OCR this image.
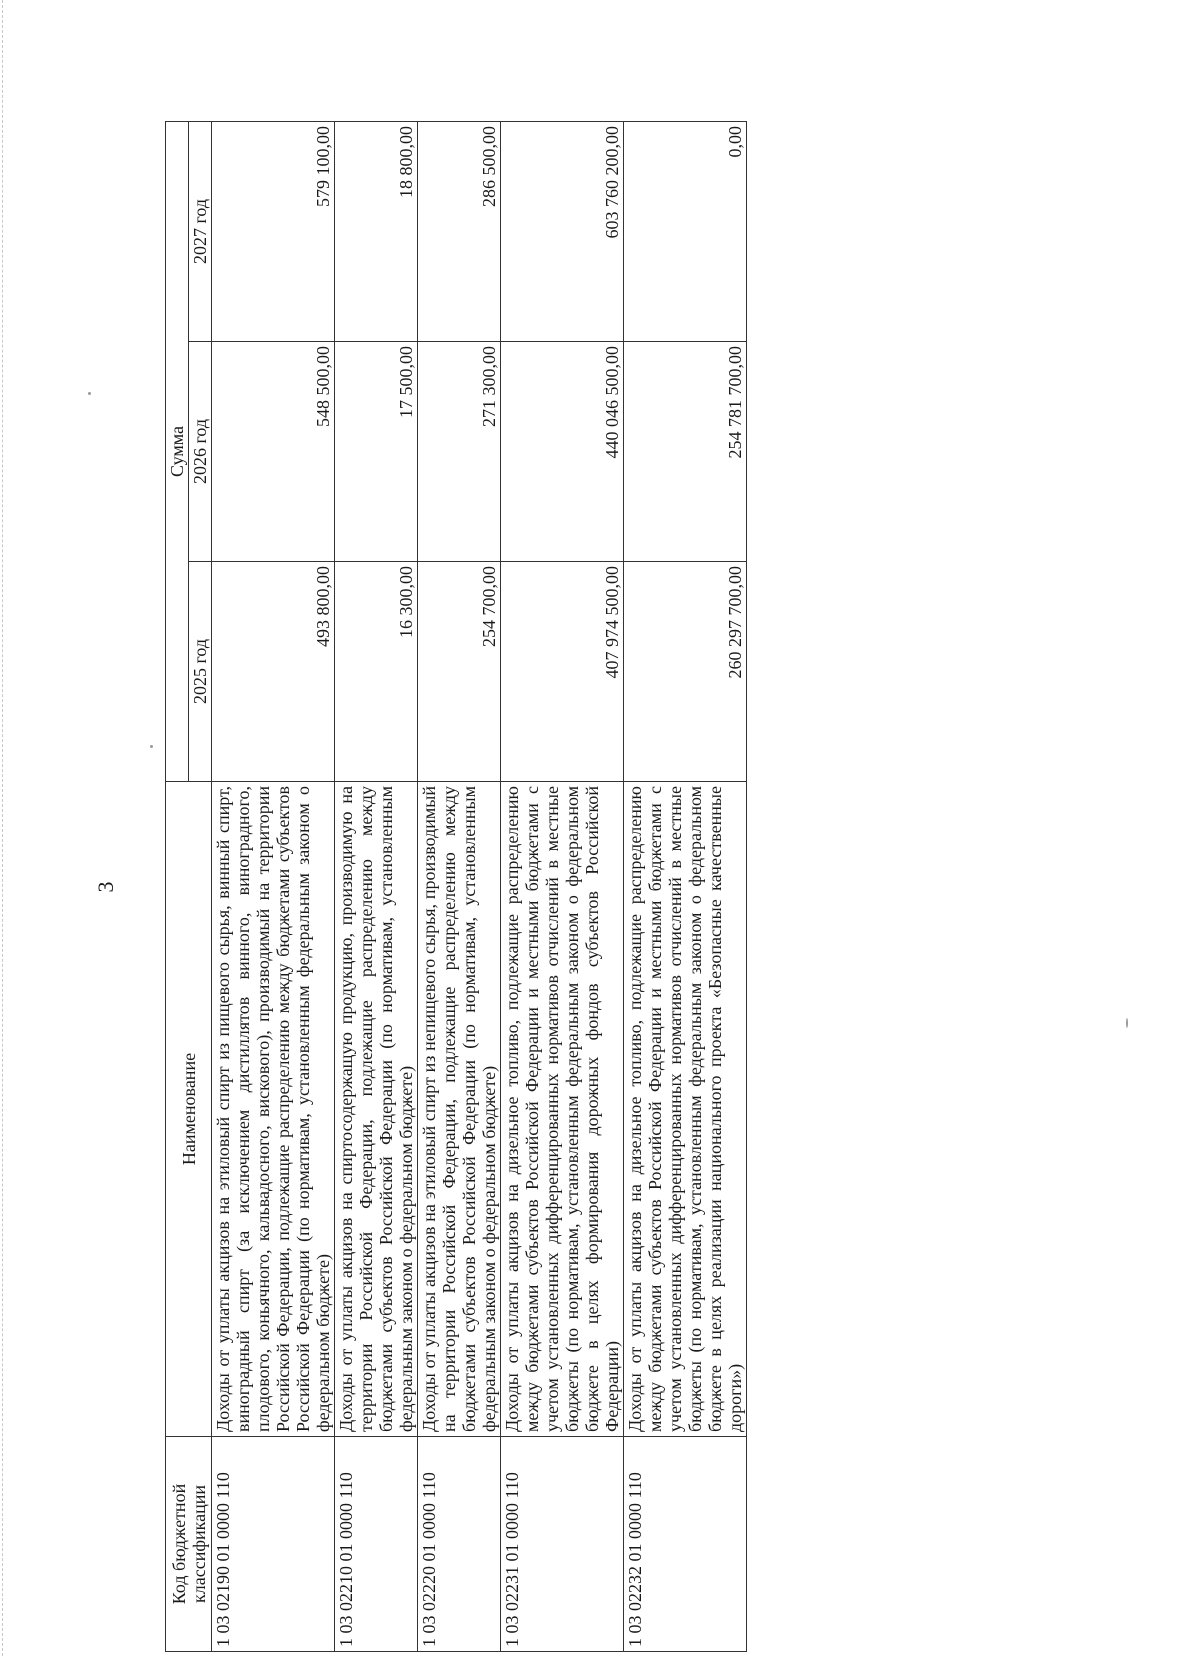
3
Код бюджетной классификации	Наименование	Сумма		
		2025 год	2026 год	2027 год
1 03 02190 01 0000 110	Доходы от уплаты акцизов на этиловый спирт из пищевого сырья, винный спирт, виноградный спирт (за исключением дистиллятов винного, виноградного, плодового, коньячного, кальвадосного, вискового), производимый на территории Российской Федерации, подлежащие распределению между бюджетами субъектов Российской Федерации (по нормативам, установленным федеральным законом о федеральном бюджете)	493 800,00	548 500,00	579 100,00
1 03 02210 01 0000 110	Доходы от уплаты акцизов на спиртосодержащую продукцию, производимую на территории Российской Федерации, подлежащие распределению между бюджетами субъектов Российской Федерации (по нормативам, установленным федеральным законом о федеральном бюджете)	16 300,00	17 500,00	18 800,00
1 03 02220 01 0000 110	Доходы от уплаты акцизов на этиловый спирт из непищевого сырья, производимый на территории Российской Федерации, подлежащие распределению между бюджетами субъектов Российской Федерации (по нормативам, установленным федеральным законом о федеральном бюджете)	254 700,00	271 300,00	286 500,00
1 03 02231 01 0000 110	Доходы от уплаты акцизов на дизельное топливо, подлежащие распределению между бюджетами субъектов Российской Федерации и местными бюджетами с учетом установленных дифференцированных нормативов отчислений в местные бюджеты (по нормативам, установленным федеральным законом о федеральном бюджете в целях формирования дорожных фондов субъектов Российской Федерации)	407 974 500,00	440 046 500,00	603 760 200,00
1 03 02232 01 0000 110	Доходы от уплаты акцизов на дизельное топливо, подлежащие распределению между бюджетами субъектов Российской Федерации и местными бюджетами с учетом установленных дифференцированных нормативов отчислений в местные бюджеты (по нормативам, установленным федеральным законом о федеральном бюджете в целях реализации национального проекта «Безопасные качественные дороги»)	260 297 700,00	254 781 700,00	0,00
